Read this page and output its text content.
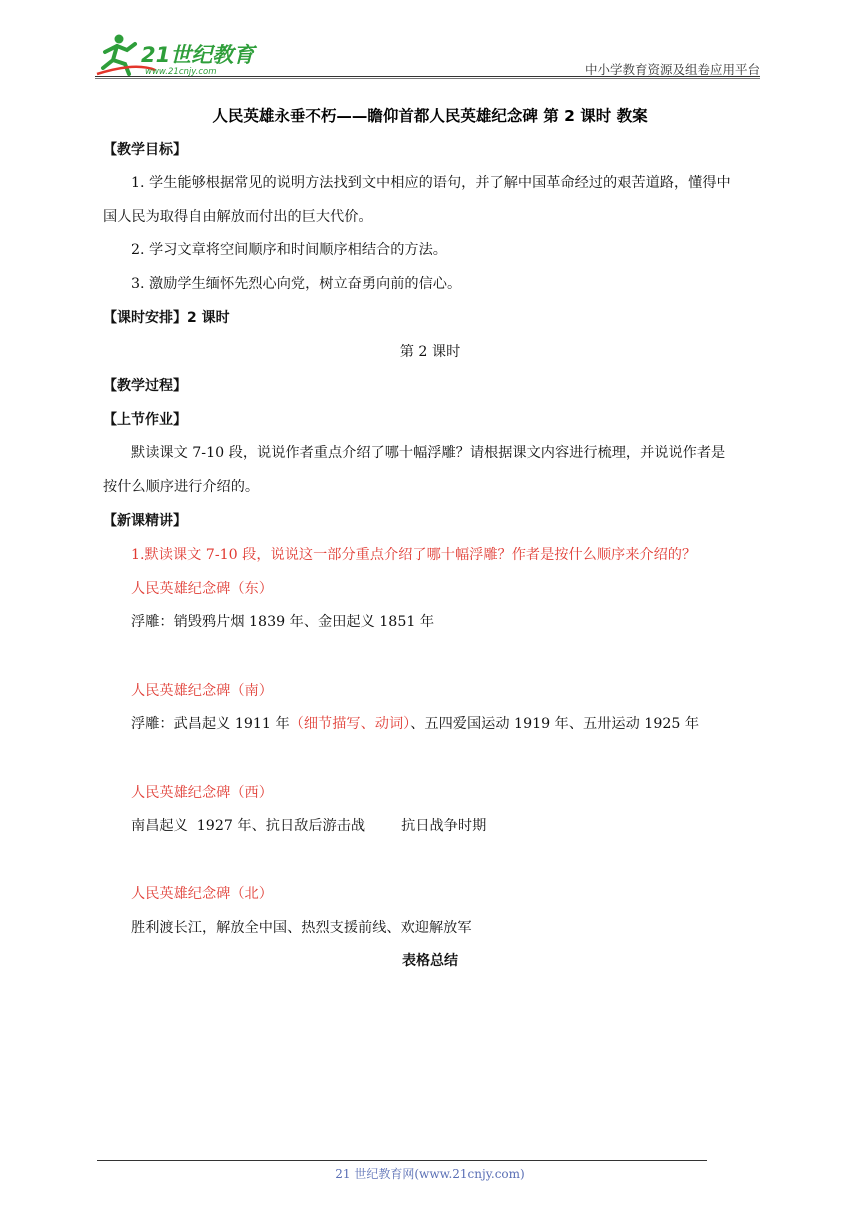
21世纪教育
www.21cnjy.com	中小学教育资源及组卷应用平台
人民英雄永垂不朽——瞻仰首都人民英雄纪念碑 第 2 课时 教案
【教学目标】
1. 学生能够根据常见的说明方法找到文中相应的语句，并了解中国革命经过的艰苦道路，懂得中
国人民为取得自由解放而付出的巨大代价。
2. 学习文章将空间顺序和时间顺序相结合的方法。
3. 激励学生缅怀先烈心向党，树立奋勇向前的信心。
【课时安排】2 课时
第 2 课时
【教学过程】
【上节作业】
默读课文 7-10 段，说说作者重点介绍了哪十幅浮雕？请根据课文内容进行梳理，并说说作者是
按什么顺序进行介绍的。
【新课精讲】
1.默读课文 7-10 段，说说这一部分重点介绍了哪十幅浮雕？作者是按什么顺序来介绍的？
人民英雄纪念碑（东）
浮雕：销毁鸦片烟 1839 年、金田起义 1851 年
人民英雄纪念碑（南）
浮雕：武昌起义 1911 年（细节描写、动词）、五四爱国运动 1919 年、五卅运动 1925 年
人民英雄纪念碑（西）
南昌起义  1927 年、抗日敌后游击战        抗日战争时期
人民英雄纪念碑（北）
胜利渡长江，解放全中国、热烈支援前线、欢迎解放军
表格总结
21 世纪教育网(www.21cnjy.com)
